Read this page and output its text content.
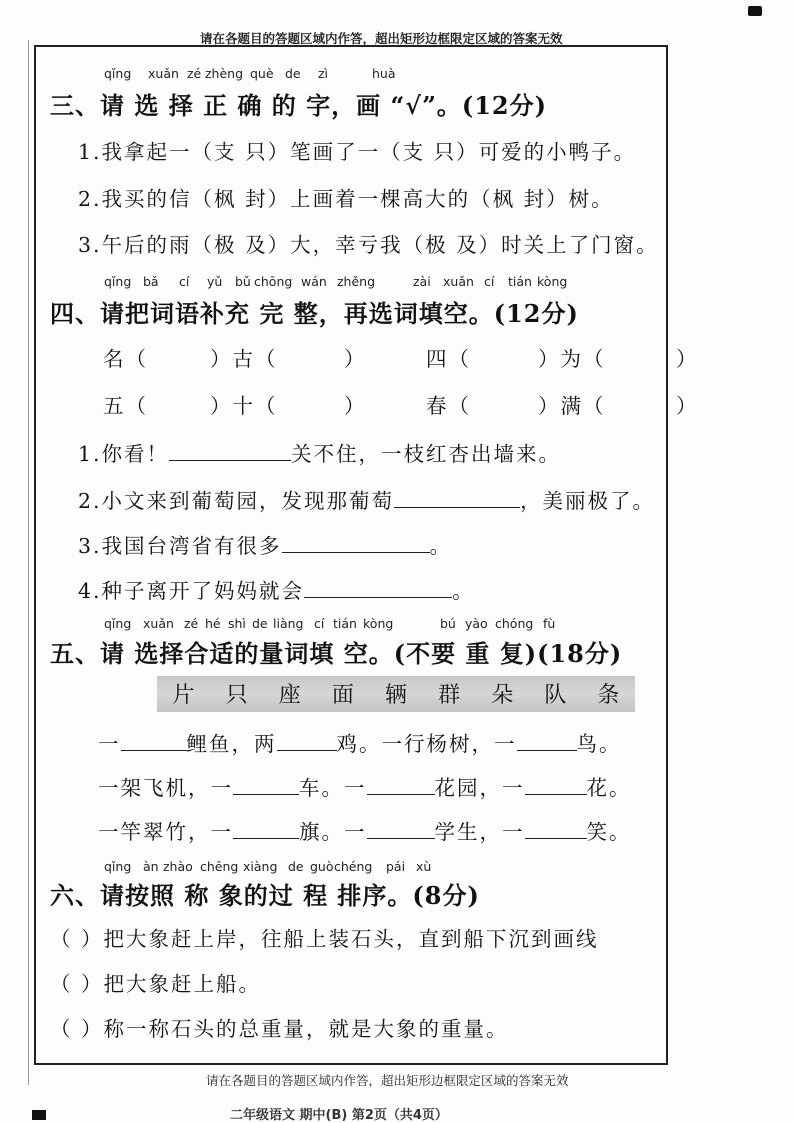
请在各题目的答题区域内作答，超出矩形边框限定区域的答案无效
qǐng xuǎn zé zhèng què de zì	huà
三、请 选 择 正 确 的 字，画 “√”。(12分)
1.我拿起一（支 只）笔画了一（支 只）可爱的小鸭子。
2.我买的信（枫 封）上画着一棵高大的（枫 封）树。
3.午后的雨（极 及）大，幸亏我（极 及）时关上了门窗。
qǐng bǎ cí yǔ bǔ chōng wán zhěng	zài xuǎn cí tián kòng
四、请把词语补充 完 整，再选词填空。(12分)
名（	）古（	）	四（	）为（	）
五（	）十（	）	春（	）满（	）
1.你看！	关不住，一枝红杏出墙来。
2.小文来到葡萄园，发现那葡萄	，美丽极了。
3.我国台湾省有很多	。
4.种子离开了妈妈就会	。
qǐng xuǎn zé hé shì de liàng cí tián kòng	bú yào chóng fù
五、请 选择合适的量词填 空。(不要 重 复)(18分)
片 只 座 面 辆 群 朵 队 条
一	鲤鱼，两	鸡。一行杨树，一	鸟。
一架飞机，一	车。一	花园，一	花。
一竿翠竹，一	旗。一	学生，一	笑。
qǐng àn zhào chēng xiàng de guò chéng pái xù
六、请按照 称 象的过 程 排序。(8分)
（ ）把大象赶上岸，往船上装石头，直到船下沉到画线
（ ）把大象赶上船。
（ ）称一称石头的总重量，就是大象的重量。
请在各题目的答题区域内作答，超出矩形边框限定区域的答案无效
二年级语文 期中(B) 第2页（共4页）
